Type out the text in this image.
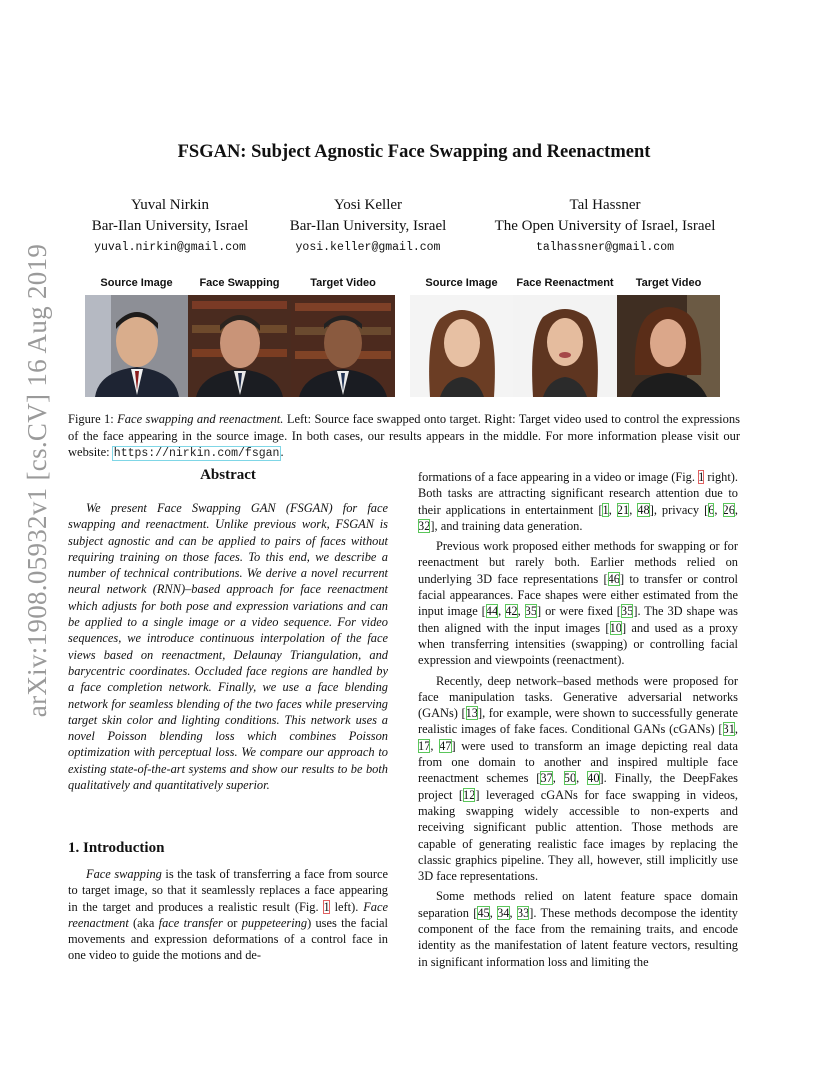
arXiv:1908.05932v1 [cs.CV] 16 Aug 2019
FSGAN: Subject Agnostic Face Swapping and Reenactment
Yuval Nirkin
Bar-Ilan University, Israel
yuval.nirkin@gmail.com
Yosi Keller
Bar-Ilan University, Israel
yosi.keller@gmail.com
Tal Hassner
The Open University of Israel, Israel
talhassner@gmail.com
Source Image Face Swapping	Target Video	Source Image Face Reenactment Target Video
Figure 1: Face swapping and reenactment. Left: Source face swapped onto target. Right: Target video used to control the expressions of the face appearing in the source image. In both cases, our results appears in the middle. For more information please visit our website: https://nirkin.com/fsgan.
Abstract

We present Face Swapping GAN (FSGAN) for face swapping and reenactment. Unlike previous work, FSGAN is subject agnostic and can be applied to pairs of faces without requiring training on those faces. To this end, we describe a number of technical contributions. We derive a novel recurrent neural network (RNN)–based approach for face reenactment which adjusts for both pose and expression variations and can be applied to a single image or a video sequence. For video sequences, we introduce continuous interpolation of the face views based on reenactment, Delaunay Triangulation, and barycentric coordinates. Occluded face regions are handled by a face completion network. Finally, we use a face blending network for seamless blending of the two faces while preserving target skin color and lighting conditions. This network uses a novel Poisson blending loss which combines Poisson optimization with perceptual loss. We compare our approach to existing state-of-the-art systems and show our results to be both qualitatively and quantitatively superior.

1. Introduction

Face swapping is the task of transferring a face from source to target image, so that it seamlessly replaces a face appearing in the target and produces a realistic result (Fig. 1 left). Face reenactment (aka face transfer or puppeteering) uses the facial movements and expression deformations of a control face in one video to guide the motions and de-

formations of a face appearing in a video or image (Fig. 1 right). Both tasks are attracting significant research attention due to their applications in entertainment [1, 21, 48], privacy [6, 26, 32], and training data generation.

Previous work proposed either methods for swapping or for reenactment but rarely both. Earlier methods relied on underlying 3D face representations [46] to transfer or control facial appearances. Face shapes were either estimated from the input image [44, 42, 35] or were fixed [35]. The 3D shape was then aligned with the input images [10] and used as a proxy when transferring intensities (swapping) or controlling facial expression and viewpoints (reenactment).

Recently, deep network–based methods were proposed for face manipulation tasks. Generative adversarial networks (GANs) [13], for example, were shown to successfully generate realistic images of fake faces. Conditional GANs (cGANs) [31, 17, 47] were used to transform an image depicting real data from one domain to another and inspired multiple face reenactment schemes [37, 50, 40]. Finally, the DeepFakes project [12] leveraged cGANs for face swapping in videos, making swapping widely accessible to non-experts and receiving significant public attention. Those methods are capable of generating realistic face images by replacing the classic graphics pipeline. They all, however, still implicitly use 3D face representations.

Some methods relied on latent feature space domain separation [45, 34, 33]. These methods decompose the identity component of the face from the remaining traits, and encode identity as the manifestation of latent feature vectors, resulting in significant information loss and limiting the
